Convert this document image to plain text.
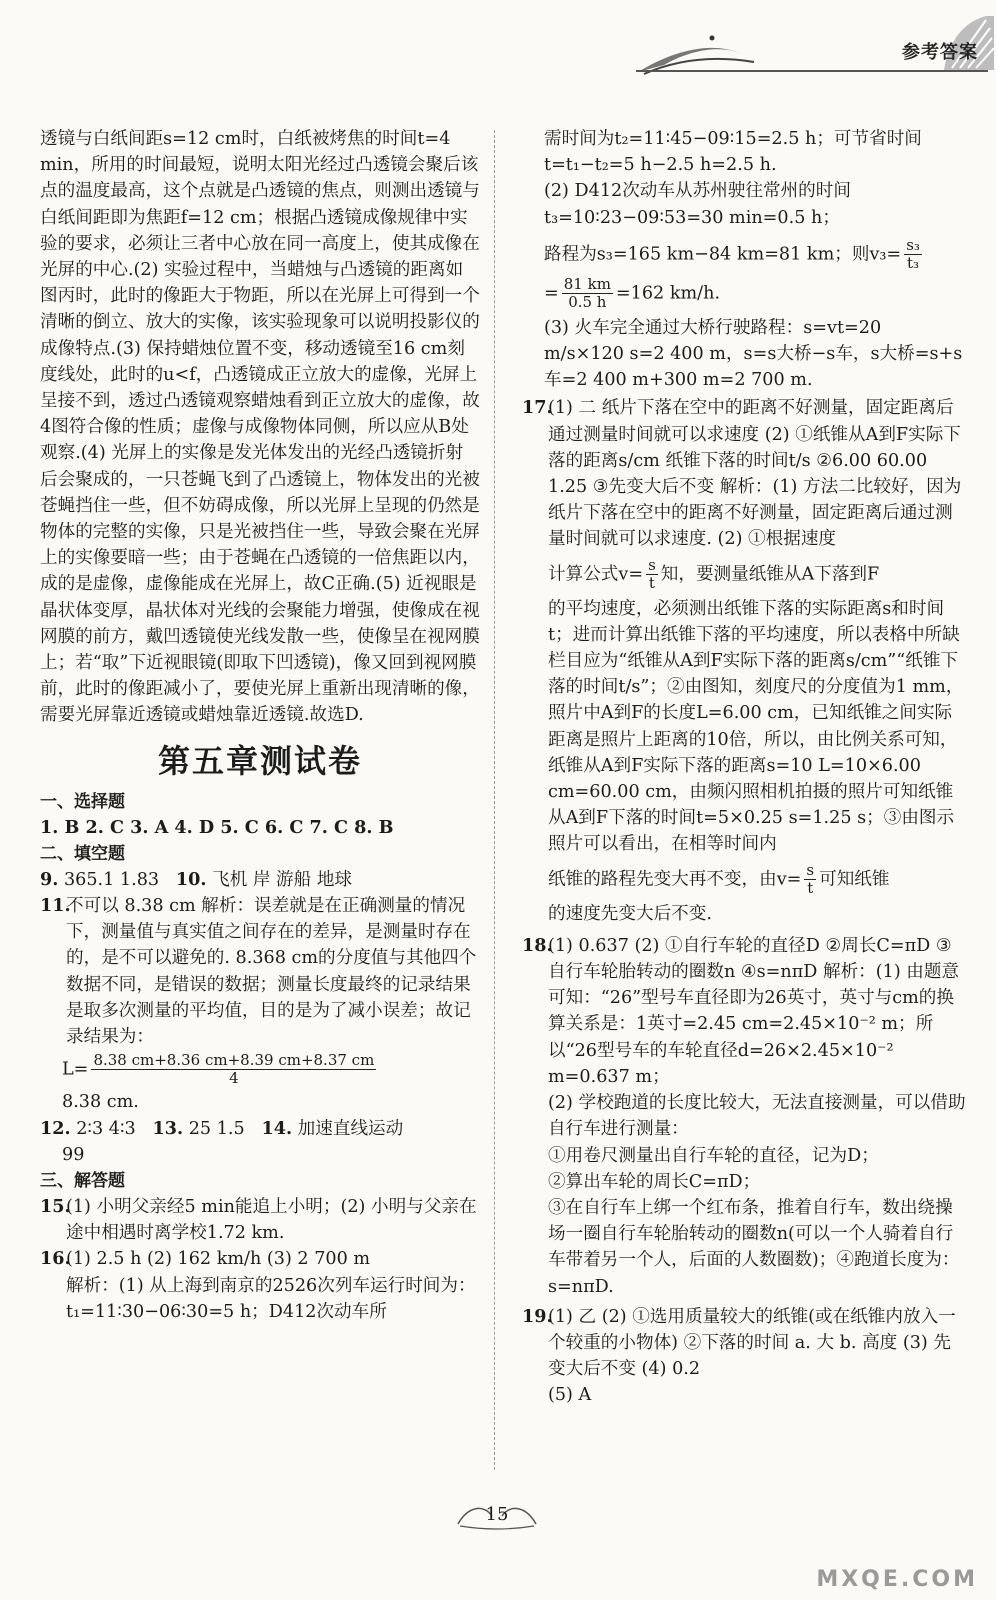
参考答案

透镜与白纸间距s=12 cm时，白纸被烤焦的时间t=4 min，所用的时间最短，说明太阳光经过凸透镜会聚后该点的温度最高，这个点就是凸透镜的焦点，则测出透镜与白纸间距即为焦距f=12 cm；根据凸透镜成像规律中实验的要求，必须让三者中心放在同一高度上，使其成像在光屏的中心.(2) 实验过程中，当蜡烛与凸透镜的距离如图丙时，此时的像距大于物距，所以在光屏上可得到一个清晰的倒立、放大的实像，该实验现象可以说明投影仪的成像特点.(3) 保持蜡烛位置不变，移动透镜至16 cm刻度线处，此时的u<f，凸透镜成正立放大的虚像，光屏上呈接不到，透过凸透镜观察蜡烛看到正立放大的虚像，故4图符合像的性质；虚像与成像物体同侧，所以应从B处观察.(4) 光屏上的实像是发光体发出的光经凸透镜折射后会聚成的，一只苍蝇飞到了凸透镜上，物体发出的光被苍蝇挡住一些，但不妨碍成像，所以光屏上呈现的仍然是物体的完整的实像，只是光被挡住一些，导致会聚在光屏上的实像要暗一些；由于苍蝇在凸透镜的一倍焦距以内，成的是虚像，虚像能成在光屏上，故C正确.(5) 近视眼是晶状体变厚，晶状体对光线的会聚能力增强，使像成在视网膜的前方，戴凹透镜使光线发散一些，使像呈在视网膜上；若“取”下近视眼镜(即取下凹透镜)，像又回到视网膜前，此时的像距减小了，要使光屏上重新出现清晰的像，需要光屏靠近透镜或蜡烛靠近透镜.故选D.

第五章测试卷
一、选择题

1. B 2. C 3. A 4. D 5. C 6. C 7. C 8. B

二、填空题

9. 365.1 1.83 10. 飞机 岸 游船 地球

11.

不可以 8.38 cm 解析：误差就是在正确测量的情况下，测量值与真实值之间存在的差异，是测量时存在的，是不可以避免的. 8.368 cm的分度值与其他四个数据不同，是错误的数据；测量长度最终的记录结果是取多次测量的平均值，目的是为了减小误差；故记录结果为：

$L= \frac{8.38 cm+8.36 cm+8.39 cm+8.37 cm}{4}$

8.38 cm.

12. 2∶3 4∶3 13. 25 1.5 14. 加速直线运动

99

三、解答题
15.

(1) 小明父亲经5 min能追上小明；(2) 小明与父亲在途中相遇时离学校1.72 km.

16.

(1) 2.5 h (2) 162 km/h (3) 2 700 m

解析：(1) 从上海到南京的2526次列车运行时间为：t₁=11∶30−06∶30=5 h；D412次动车所

需时间为t₂=11∶45−09∶15=2.5 h；可节省时间t=t₁−t₂=5 h−2.5 h=2.5 h.

(2) D412次动车从苏州驶往常州的时间t₃=10∶23−09∶53=30 min=0.5 h；

路程为s₃=165 km−84 km=81 km；则$v_3= \frac{\text{s₃}}{\text{t₃}}$

= $\frac{81 km}{0.5 h} =162$ km/h.

(3) 火车完全通过大桥行驶路程：s=vt=20 m/s×120 s=2 400 m，s=s大桥−s车，s大桥=s+s车=2 400 m+300 m=2 700 m.

17.

(1) 二 纸片下落在空中的距离不好测量，固定距离后通过测量时间就可以求速度 (2) ①纸锥从A到F实际下落的距离s/cm 纸锥下落的时间t/s ②6.00 60.00 1.25 ③先变大后不变 解析：(1) 方法二比较好，因为纸片下落在空中的距离不好测量，固定距离后通过测量时间就可以求速度. (2) ①根据速度

计算公式$v= \frac{s}{t}$ 知，要测量纸锥从A下落到F

的平均速度，必须测出纸锥下落的实际距离s和时间t；进而计算出纸锥下落的平均速度，所以表格中所缺栏目应为“纸锥从A到F实际下落的距离s/cm”“纸锥下落的时间t/s”；②由图知，刻度尺的分度值为1 mm，照片中A到F的长度L=6.00 cm，已知纸锥之间实际距离是照片上距离的10倍，所以，由比例关系可知，纸锥从A到F实际下落的距离s=10 L=10×6.00 cm=60.00 cm，由频闪照相机拍摄的照片可知纸锥从A到F下落的时间t=5×0.25 s=1.25 s；③由图示照片可以看出，在相等时间内

纸锥的路程先变大再不变，由$v= \frac{s}{t}$ 可知纸锥

的速度先变大后不变.

18.

(1) 0.637 (2) ①自行车轮的直径D ②周长C=πD ③自行车轮胎转动的圈数n ④s=nπD 解析：(1) 由题意可知：“26”型号车直径即为26英寸，英寸与cm的换算关系是：1英寸=2.45 cm=2.45×10⁻² m；所以“26型号车的车轮直径d=26×2.45×10⁻² m=0.637 m；

(2) 学校跑道的长度比较大，无法直接测量，可以借助自行车进行测量：

①用卷尺测量出自行车轮的直径，记为D；

②算出车轮的周长C=πD；

③在自行车上绑一个红布条，推着自行车，数出绕操场一圈自行车轮胎转动的圈数n(可以一个人骑着自行车带着另一个人，后面的人数圈数)；④跑道长度为：s=nπD.

19.

(1) 乙 (2) ①选用质量较大的纸锥(或在纸锥内放入一个较重的小物体) ②下落的时间 a. 大 b. 高度 (3) 先变大后不变 (4) 0.2

(5) A

15
MXQE.COM
